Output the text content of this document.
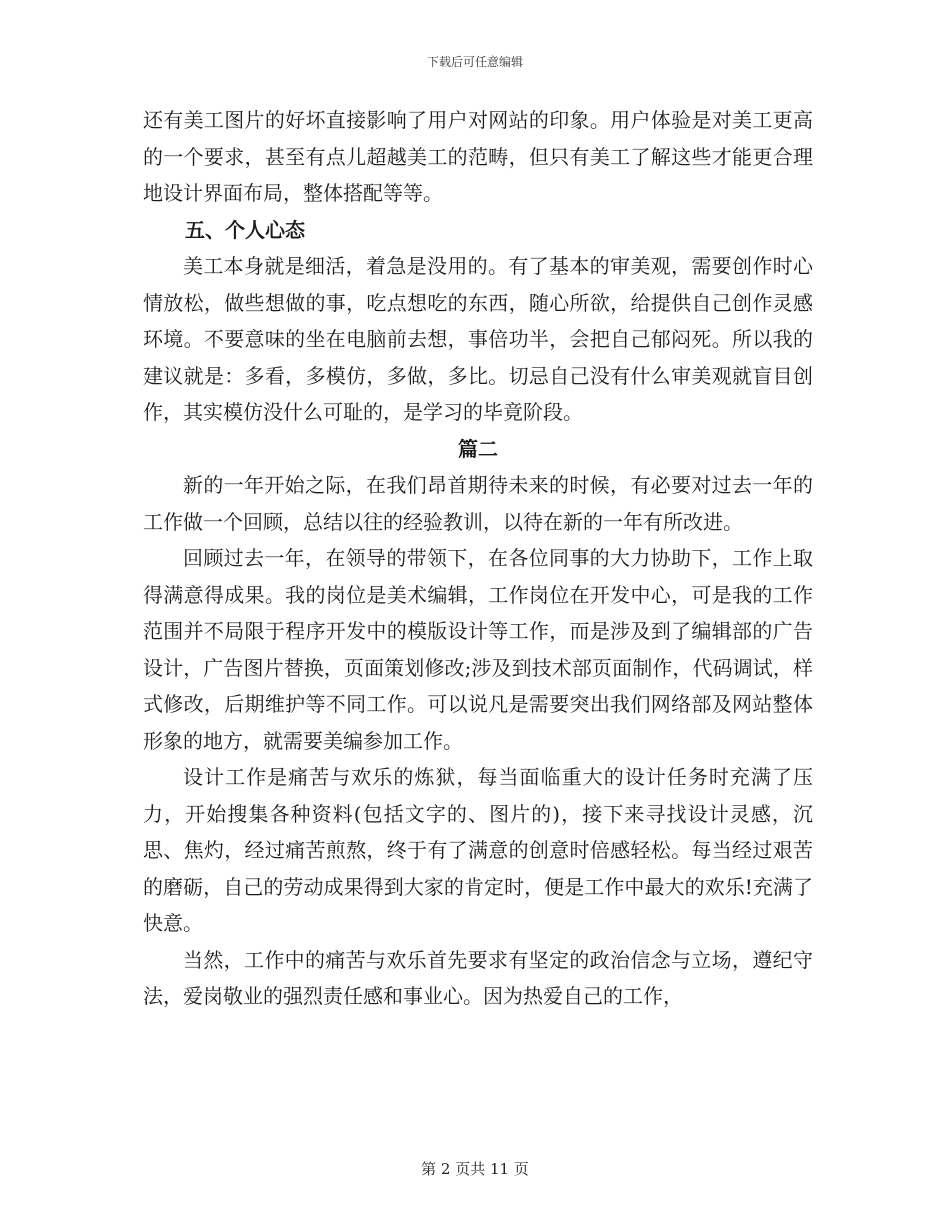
下载后可任意编辑

还有美工图片的好坏直接影响了用户对网站的印象。用户体验是对美工更高的一个要求，甚至有点儿超越美工的范畴，但只有美工了解这些才能更合理地设计界面布局，整体搭配等等。

五、个人心态

美工本身就是细活，着急是没用的。有了基本的审美观，需要创作时心情放松，做些想做的事，吃点想吃的东西，随心所欲，给提供自己创作灵感环境。不要意味的坐在电脑前去想，事倍功半，会把自己郁闷死。所以我的建议就是：多看，多模仿，多做，多比。切忌自己没有什么审美观就盲目创作，其实模仿没什么可耻的，是学习的毕竟阶段。

篇二

新的一年开始之际，在我们昂首期待未来的时候，有必要对过去一年的工作做一个回顾，总结以往的经验教训，以待在新的一年有所改进。

回顾过去一年，在领导的带领下，在各位同事的大力协助下，工作上取得满意得成果。我的岗位是美术编辑，工作岗位在开发中心，可是我的工作范围并不局限于程序开发中的模版设计等工作，而是涉及到了编辑部的广告设计，广告图片替换，页面策划修改;涉及到技术部页面制作，代码调试，样式修改，后期维护等不同工作。可以说凡是需要突出我们网络部及网站整体形象的地方，就需要美编参加工作。

设计工作是痛苦与欢乐的炼狱，每当面临重大的设计任务时充满了压力，开始搜集各种资料(包括文字的、图片的)，接下来寻找设计灵感，沉思、焦灼，经过痛苦煎熬，终于有了满意的创意时倍感轻松。每当经过艰苦的磨砺，自己的劳动成果得到大家的肯定时，便是工作中最大的欢乐!充满了快意。

当然，工作中的痛苦与欢乐首先要求有坚定的政治信念与立场，遵纪守法，爱岗敬业的强烈责任感和事业心。因为热爱自己的工作，

第 2 页共 11 页
